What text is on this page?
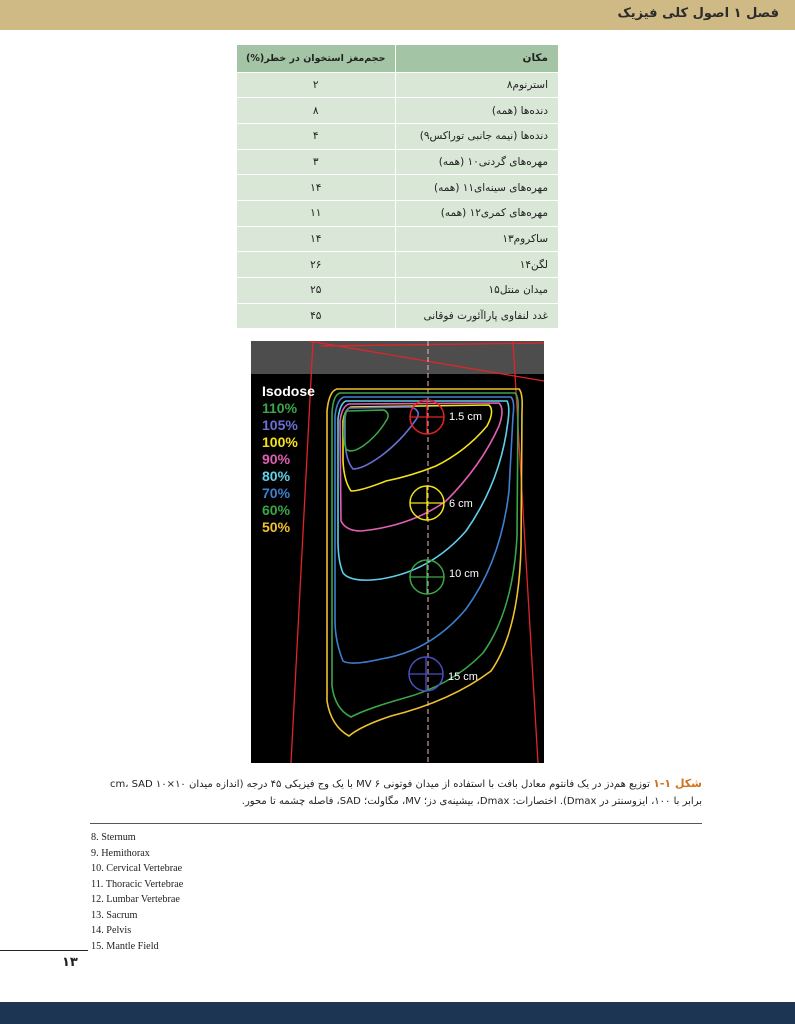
فصل ۱ اصول کلی فیزیک
مکان	حجم‌مغز استخوان در خطر(%)
استرنوم۸	۲
دنده‌ها (همه)	۸
دنده‌ها (نیمه جانبی توراکس۹)	۴
مهره‌های گردنی۱۰ (همه)	۳
مهره‌های سینه‌ای۱۱ (همه)	۱۴
مهره‌های کمری۱۲ (همه)	۱۱
ساکروم۱۳	۱۴
لگن۱۴	۲۶
میدان منتل۱۵	۲۵
غدد لنفاوی پاراآئورت فوقانی	۴۵
1.5 cm
6 cm
10 cm
15 cm
Isodose
110%
105%
100%
90%
80%
70%
60%
50%
شکل ۱-۱ توزیع هم‌دز در یک فانتوم معادل بافت با استفاده از میدان فوتونی ۶ MV با یک وج فیزیکی ۴۵ درجه (اندازه میدان ۱۰×۱۰ cm، SAD برابر با ۱۰۰، ایزوسنتر در Dmax). اختصارات: Dmax، بیشینه‌ی دز؛ MV، مگاولت؛ SAD، فاصله چشمه تا محور.
8. Sternum
9. Hemithorax
10. Cervical Vertebrae
11. Thoracic Vertebrae
12. Lumbar Vertebrae
13. Sacrum
14. Pelvis
15. Mantle Field
۱۳
